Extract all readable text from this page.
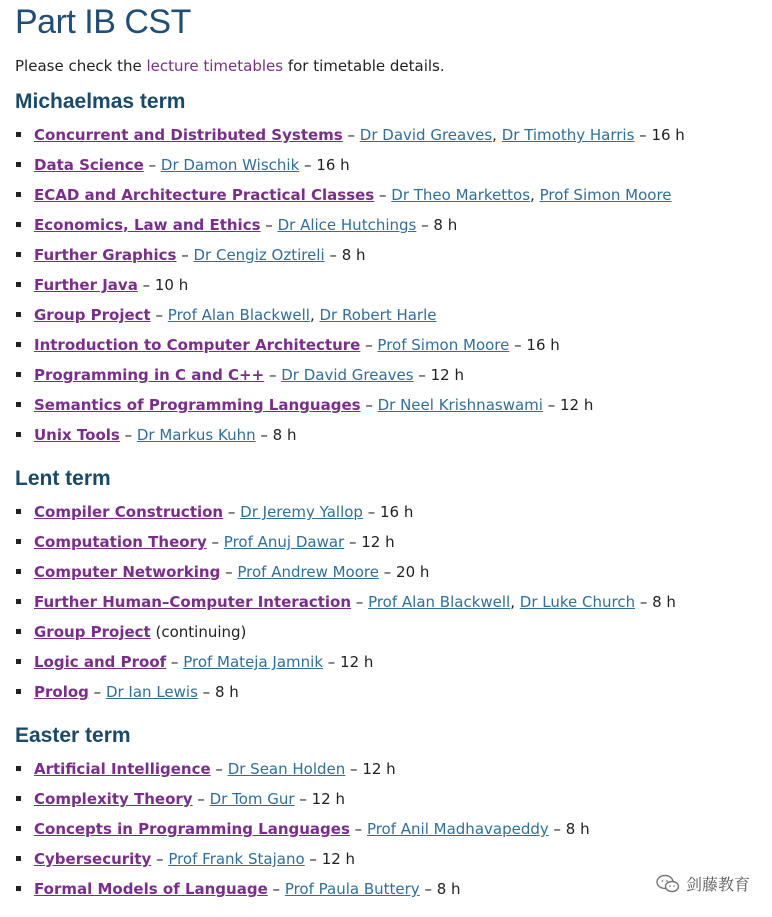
Part IB CST

Please check the lecture timetables for timetable details.

Michaelmas term
Concurrent and Distributed Systems – Dr David Greaves, Dr Timothy Harris – 16 h
Data Science – Dr Damon Wischik – 16 h
ECAD and Architecture Practical Classes – Dr Theo Markettos, Prof Simon Moore
Economics, Law and Ethics – Dr Alice Hutchings – 8 h
Further Graphics – Dr Cengiz Oztireli – 8 h
Further Java – 10 h
Group Project – Prof Alan Blackwell, Dr Robert Harle
Introduction to Computer Architecture – Prof Simon Moore – 16 h
Programming in C and C++ – Dr David Greaves – 12 h
Semantics of Programming Languages – Dr Neel Krishnaswami – 12 h
Unix Tools – Dr Markus Kuhn – 8 h
Lent term
Compiler Construction – Dr Jeremy Yallop – 16 h
Computation Theory – Prof Anuj Dawar – 12 h
Computer Networking – Prof Andrew Moore – 20 h
Further Human–Computer Interaction – Prof Alan Blackwell, Dr Luke Church – 8 h
Group Project (continuing)
Logic and Proof – Prof Mateja Jamnik – 12 h
Prolog – Dr Ian Lewis – 8 h
Easter term
Artificial Intelligence – Dr Sean Holden – 12 h
Complexity Theory – Dr Tom Gur – 12 h
Concepts in Programming Languages – Prof Anil Madhavapeddy – 8 h
Cybersecurity – Prof Frank Stajano – 12 h
Formal Models of Language – Prof Paula Buttery – 8 h	剑藤教育
